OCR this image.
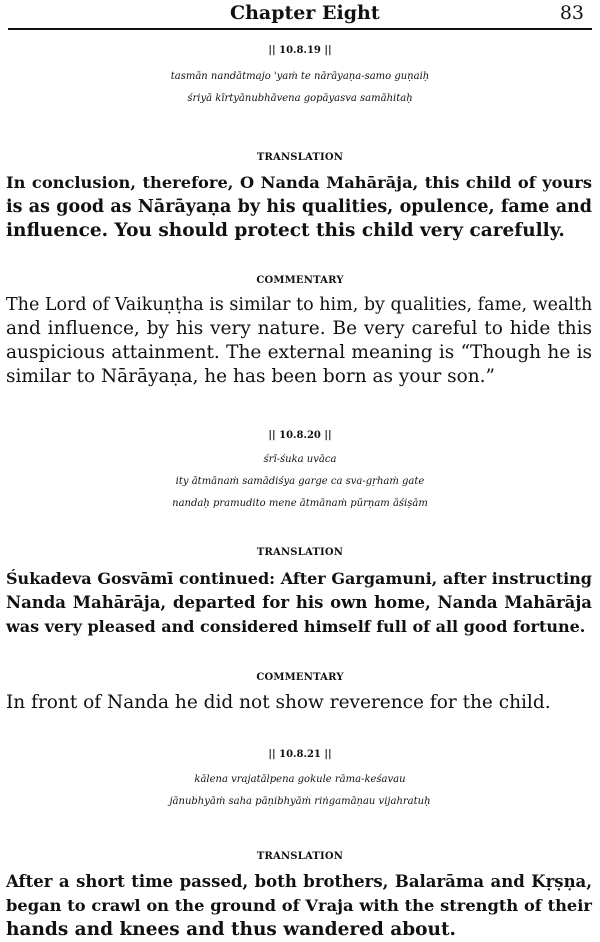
Chapter Eight	83
|| 10.8.19 ||
tasmān nandātmajo 'yaṁ te nārāyaṇa-samo guṇaiḥ
śriyā kīrtyānubhāvena gopāyasva samāhitaḥ
TRANSLATION
In conclusion, therefore, O Nanda Mahārāja, this child of yours
is as good as Nārāyaṇa by his qualities, opulence, fame and
influence. You should protect this child very carefully.
COMMENTARY
The Lord of Vaikuṇṭha is similar to him, by qualities, fame, wealth
and influence, by his very nature. Be very careful to hide this
auspicious attainment. The external meaning is “Though he is
similar to Nārāyaṇa, he has been born as your son.”
|| 10.8.20 ||
śrī-śuka uvāca
ity ātmānaṁ samādiśya garge ca sva-gṛhaṁ gate
nandaḥ pramudito mene ātmānaṁ pūrṇam āśiṣām
TRANSLATION
Śukadeva Gosvāmī continued: After Gargamuni, after instructing
Nanda Mahārāja, departed for his own home, Nanda Mahārāja
was very pleased and considered himself full of all good fortune.
COMMENTARY
In front of Nanda he did not show reverence for the child.
|| 10.8.21 ||
kālena vrajatālpena gokule rāma-keśavau
jānubhyāṁ saha pāṇibhyāṁ riṅgamāṇau vijahratuḥ
TRANSLATION
After a short time passed, both brothers, Balarāma and Kṛṣṇa,
began to crawl on the ground of Vraja with the strength of their
hands and knees and thus wandered about.
